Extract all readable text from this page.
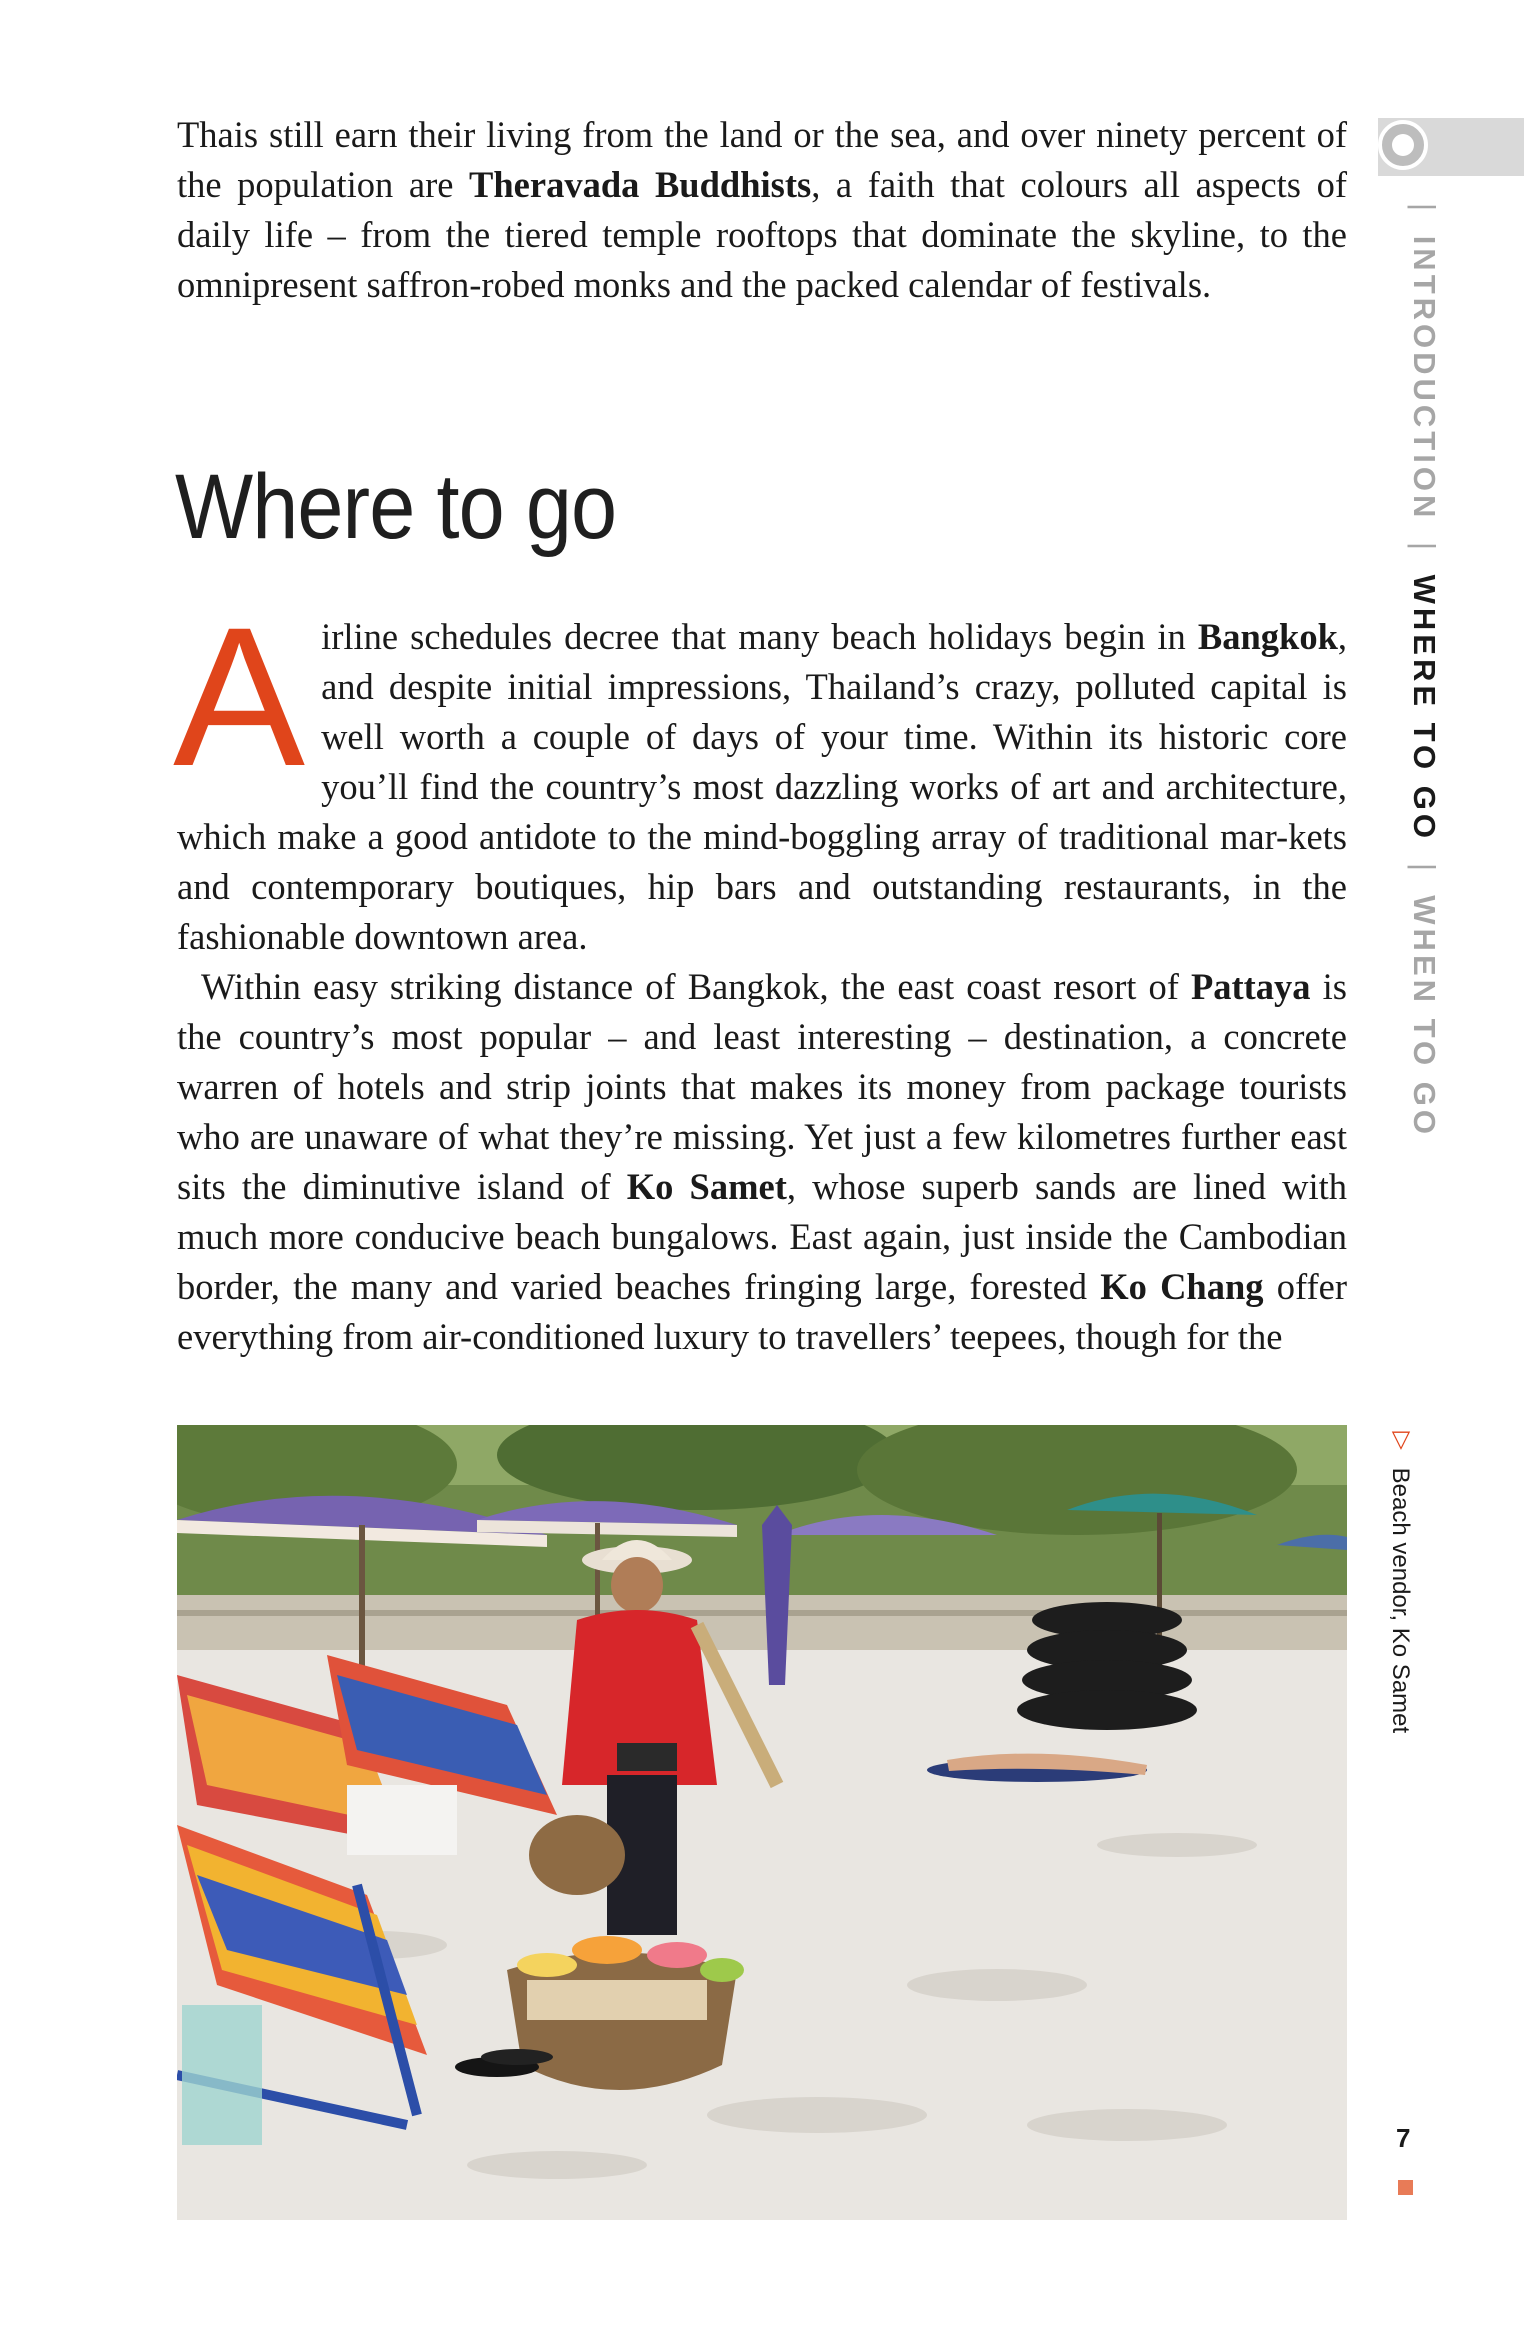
Thais still earn their living from the land or the sea, and over ninety percent of the population are Theravada Buddhists, a faith that colours all aspects of daily life – from the tiered temple rooftops that dominate the skyline, to the omnipresent saffron-robed monks and the packed calendar of festivals.

Where to go

Airline schedules decree that many beach holidays begin in Bangkok, and despite initial impressions, Thailand’s crazy, polluted capital is well worth a couple of days of your time. Within its historic core you’ll find the country’s most dazzling works of art and architecture, which make a good antidote to the mind-boggling array of traditional mar-kets and contemporary boutiques, hip bars and outstanding restaurants, in the fashionable downtown area.

Within easy striking distance of Bangkok, the east coast resort of Pattaya is the country’s most popular – and least interesting – destination, a concrete warren of hotels and strip joints that makes its money from package tourists who are unaware of what they’re missing. Yet just a few kilometres further east sits the diminutive island of Ko Samet, whose superb sands are lined with much more conducive beach bungalows. East again, just inside the Cambodian border, the many and varied beaches fringing large, forested Ko Chang offer everything from air-conditioned luxury to travellers’ teepees, though for the

▽ Beach vendor, Ko Samet
| INTRODUCTION | WHERE TO GO | WHEN TO GO
7
